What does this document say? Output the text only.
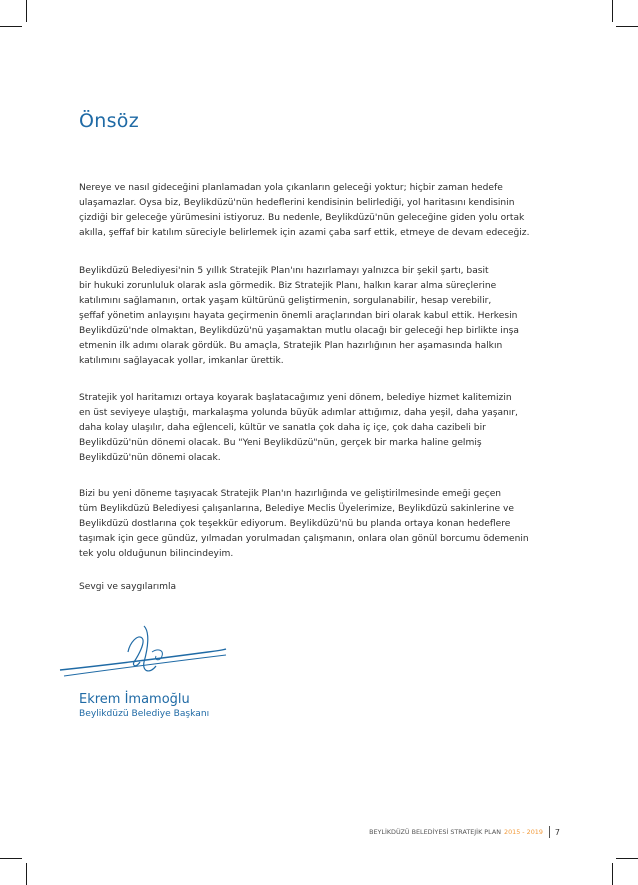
Önsöz
Nereye ve nasıl gideceğini planlamadan yola çıkanların geleceği yoktur; hiçbir zaman hedefe
ulaşamazlar. Oysa biz, Beylikdüzü'nün hedeflerini kendisinin belirlediği, yol haritasını kendisinin
çizdiği bir geleceğe yürümesini istiyoruz. Bu nedenle, Beylikdüzü'nün geleceğine giden yolu ortak
akılla, şeffaf bir katılım süreciyle belirlemek için azami çaba sarf ettik, etmeye de devam edeceğiz.
Beylikdüzü Belediyesi'nin 5 yıllık Stratejik Plan'ını hazırlamayı yalnızca bir şekil şartı, basit
bir hukuki zorunluluk olarak asla görmedik. Biz Stratejik Planı, halkın karar alma süreçlerine
katılımını sağlamanın, ortak yaşam kültürünü geliştirmenin, sorgulanabilir, hesap verebilir,
şeffaf yönetim anlayışını hayata geçirmenin önemli araçlarından biri olarak kabul ettik. Herkesin
Beylikdüzü'nde olmaktan, Beylikdüzü'nü yaşamaktan mutlu olacağı bir geleceği hep birlikte inşa
etmenin ilk adımı olarak gördük. Bu amaçla, Stratejik Plan hazırlığının her aşamasında halkın
katılımını sağlayacak yollar, imkanlar ürettik.
Stratejik yol haritamızı ortaya koyarak başlatacağımız yeni dönem, belediye hizmet kalitemizin
en üst seviyeye ulaştığı, markalaşma yolunda büyük adımlar attığımız, daha yeşil, daha yaşanır,
daha kolay ulaşılır, daha eğlenceli, kültür ve sanatla çok daha iç içe, çok daha cazibeli bir
Beylikdüzü'nün dönemi olacak. Bu "Yeni Beylikdüzü"nün, gerçek bir marka haline gelmiş
Beylikdüzü'nün dönemi olacak.
Bizi bu yeni döneme taşıyacak Stratejik Plan'ın hazırlığında ve geliştirilmesinde emeği geçen
tüm Beylikdüzü Belediyesi çalışanlarına, Belediye Meclis Üyelerimize, Beylikdüzü sakinlerine ve
Beylikdüzü dostlarına çok teşekkür ediyorum. Beylikdüzü'nü bu planda ortaya konan hedeflere
taşımak için gece gündüz, yılmadan yorulmadan çalışmanın, onlara olan gönül borcumu ödemenin
tek yolu olduğunun bilincindeyim.
Sevgi ve saygılarımla
Ekrem İmamoğlu

Beylikdüzü Belediye Başkanı

BEYLİKDÜZÜ BELEDİYESİ STRATEJİK PLAN 2015 - 2019 7
